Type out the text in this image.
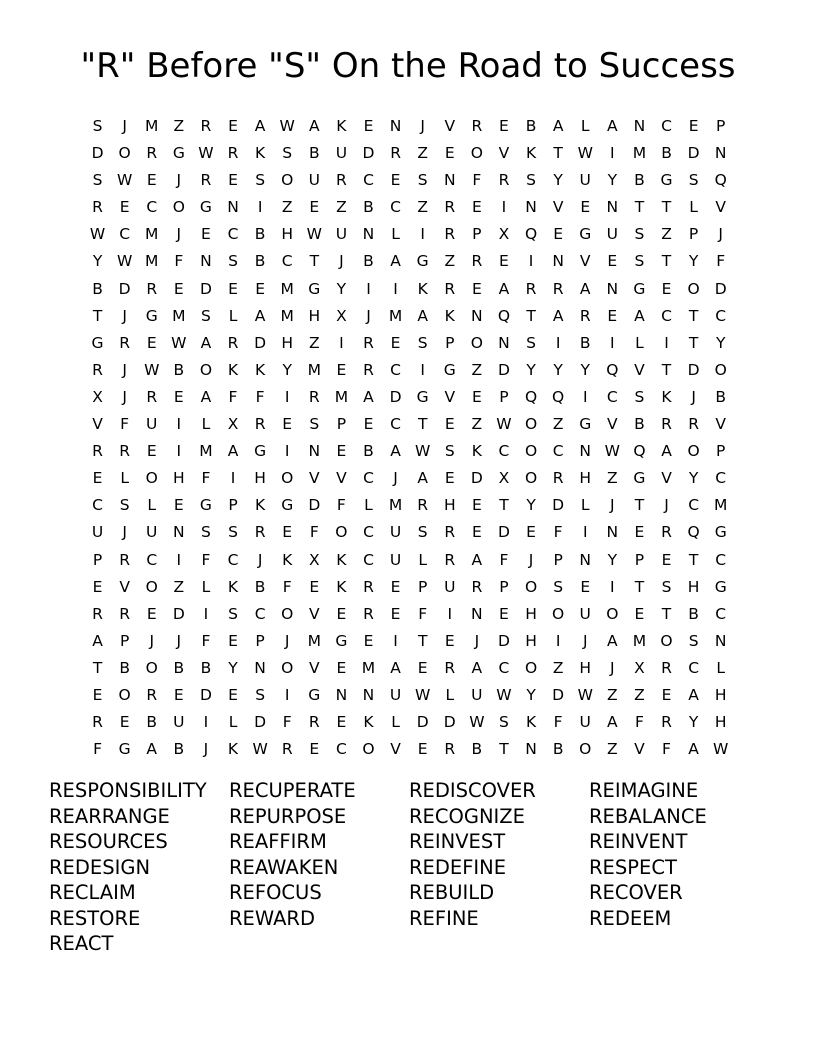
"R" Before "S" On the Road to Success
S	J	M Z	R	E	A W A	K	E	N	J	V	R	E	B	A	L	A	N	C	E	P
D O	R	G W R	K	S	B	U D	R	Z	E	O	V	K	T W	I	M B	D N
S W E	J	R	E	S	O U	R	C	E	S	N	F	R	S	Y	U	Y	B	G	S	Q
R	E	C	O G N	I	Z	E	Z	B	C	Z	R	E	I	N	V	E	N	T	T	L	V
W C M	J	E	C	B	H W U	N	L	I	R	P	X	Q	E	G U	S	Z	P	J
Y W M	F	N	S	B	C	T	J	B	A	G	Z	R	E	I	N	V	E	S	T	Y	F
B	D	R	E	D	E	E	M G	Y	I	I	K	R	E	A	R	R	A	N G	E	O D
T	J	G M S	L	A M H	X	J	M A	K	N Q	T	A	R	E	A	C	T	C
G	R	E W A	R	D H	Z	I	R	E	S	P	O N	S	I	B	I	L	I	T	Y
R	J	W B	O	K	K	Y	M	E	R	C	I	G	Z	D	Y	Y	Y	Q	V	T	D O
X	J	R	E	A	F	F	I	R M A	D G	V	E	P	Q Q	I	C	S	K	J	B
V	F	U	I	L	X	R	E	S	P	E	C	T	E	Z W O	Z	G	V	B	R	R	V
R	R	E	I	M A	G	I	N	E	B	A W S	K	C	O	C	N W Q	A	O	P
E	L	O H	F	I	H O	V	V	C	J	A	E	D	X	O	R	H	Z	G	V	Y	C
C	S	L	E	G	P	K	G D	F	L	M R	H	E	T	Y	D	L	J	T	J	C M
U	J	U	N	S	S	R	E	F	O	C	U	S	R	E	D	E	F	I	N	E	R	Q G
P	R	C	I	F	C	J	K	X	K	C	U	L	R	A	F	J	P	N	Y	P	E	T	C
E	V	O	Z	L	K	B	F	E	K	R	E	P	U	R	P	O	S	E	I	T	S	H G
R	R	E	D	I	S	C	O	V	E	R	E	F	I	N	E	H O U O	E	T	B	C
A	P	J	J	F	E	P	J	M G	E	I	T	E	J	D H	I	J	A M O	S	N
T	B	O	B	B	Y	N O	V	E	M A	E	R	A	C	O	Z	H	J	X	R	C	L
E	O	R	E	D	E	S	I	G N N	U W L	U W Y	D W Z	Z	E	A	H
R	E	B	U	I	L	D	F	R	E	K	L	D D W S	K	F	U	A	F	R	Y	H
F	G	A	B	J	K W R	E	C	O	V	E	R	B	T	N	B	O	Z	V	F	A W
RESPONSIBILITY	RECUPERATE	REDISCOVER	REIMAGINE
REARRANGE	REPURPOSE	RECOGNIZE	REBALANCE
RESOURCES	REAFFIRM	REINVEST	REINVENT
REDESIGN	REAWAKEN	REDEFINE	RESPECT
RECLAIM	REFOCUS	REBUILD	RECOVER
RESTORE	REWARD	REFINE	REDEEM
REACT
